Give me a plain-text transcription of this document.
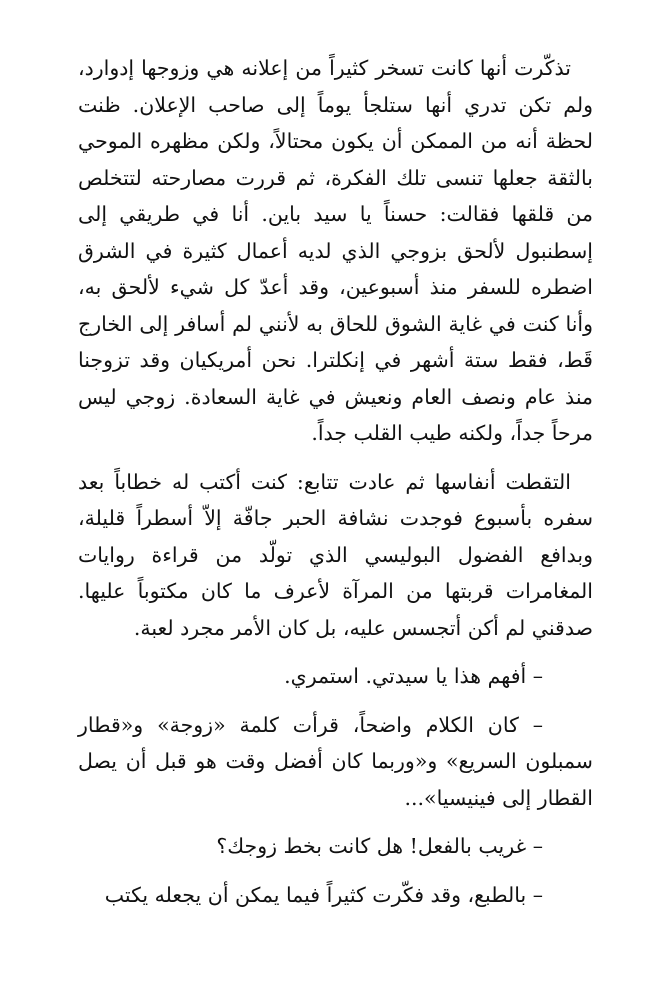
تذكّرت أنها كانت تسخر كثيراً من إعلانه هي وزوجها إدوارد، ولم تكن تدري أنها ستلجأ يوماً إلى صاحب الإعلان. ظنت لحظة أنه من الممكن أن يكون محتالاً، ولكن مظهره الموحي بالثقة جعلها تنسى تلك الفكرة، ثم قررت مصارحته لتتخلص من قلقها فقالت: حسناً يا سيد باين. أنا في طريقي إلى إسطنبول لألحق بزوجي الذي لديه أعمال كثيرة في الشرق اضطره للسفر منذ أسبوعين، وقد أعدّ كل شيء لألحق به، وأنا كنت في غاية الشوق للحاق به لأنني لم أسافر إلى الخارج قَط، فقط ستة أشهر في إنكلترا. نحن أمريكيان وقد تزوجنا منذ عام ونصف العام ونعيش في غاية السعادة. زوجي ليس مرحاً جداً، ولكنه طيب القلب جداً.

التقطت أنفاسها ثم عادت تتابع: كنت أكتب له خطاباً بعد سفره بأسبوع فوجدت نشافة الحبر جافّة إلاّ أسطراً قليلة، وبدافع الفضول البوليسي الذي تولّد من قراءة روايات المغامرات قربتها من المرآة لأعرف ما كان مكتوباً عليها. صدقني لم أكن أتجسس عليه، بل كان الأمر مجرد لعبة.

– أفهم هذا يا سيدتي. استمري.

– كان الكلام واضحاً، قرأت كلمة «زوجة» و«قطار سمبلون السريع» و«وربما كان أفضل وقت هو قبل أن يصل القطار إلى فينيسيا»...

– غريب بالفعل! هل كانت بخط زوجك؟

– بالطبع، وقد فكّرت كثيراً فيما يمكن أن يجعله يكتب
